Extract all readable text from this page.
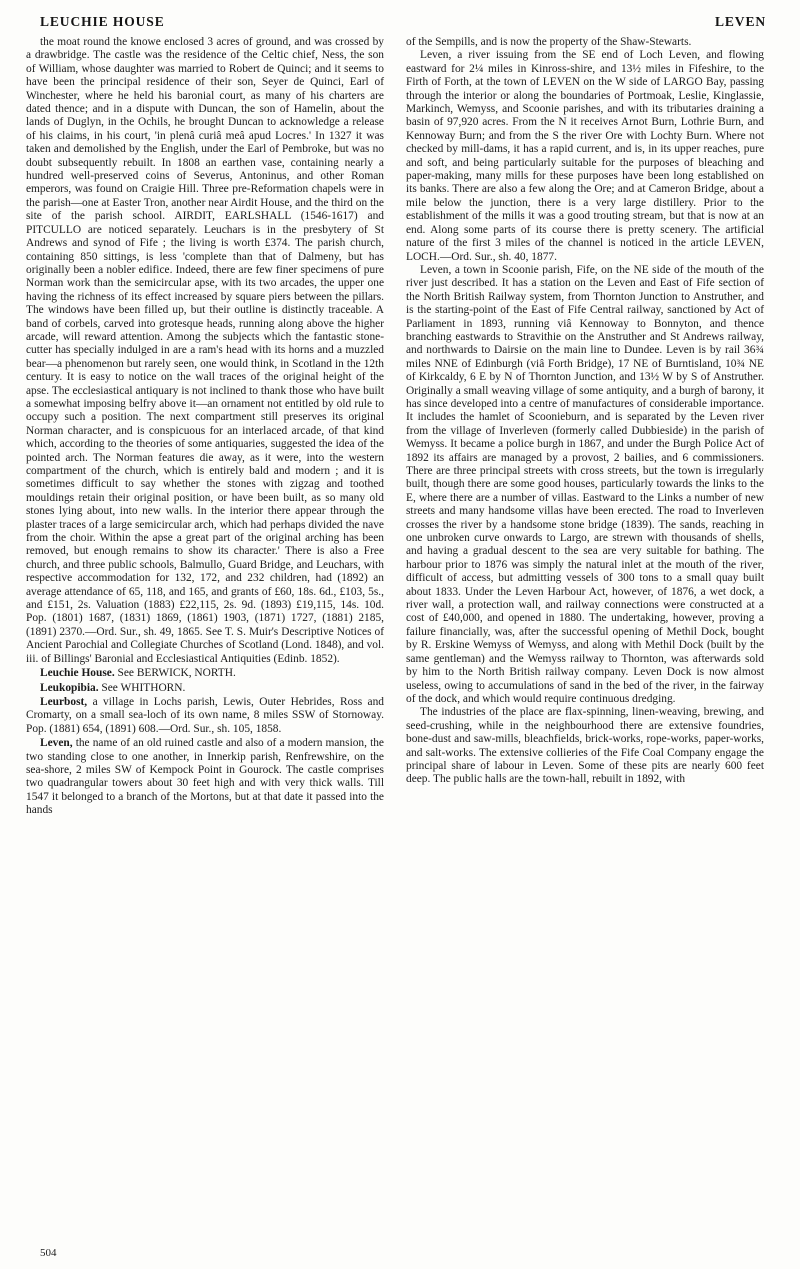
LEUCHIE HOUSE	LEVEN

the moat round the knowe enclosed 3 acres of ground, and was crossed by a drawbridge. The castle was the residence of the Celtic chief, Ness, the son of William, whose daughter was married to Robert de Quinci; and it seems to have been the principal residence of their son, Seyer de Quinci, Earl of Winchester, where he held his baronial court, as many of his charters are dated thence; and in a dispute with Duncan, the son of Hamelin, about the lands of Duglyn, in the Ochils, he brought Duncan to acknowledge a release of his claims, in his court, 'in plenâ curiâ meâ apud Locres.' In 1327 it was taken and demolished by the English, under the Earl of Pembroke, but was no doubt subsequently rebuilt. In 1808 an earthen vase, containing nearly a hundred well-preserved coins of Severus, Antoninus, and other Roman emperors, was found on Craigie Hill. Three pre-Reformation chapels were in the parish—one at Easter Tron, another near Airdit House, and the third on the site of the parish school. AIRDIT, EARLSHALL (1546-1617) and PITCULLO are noticed separately. Leuchars is in the presbytery of St Andrews and synod of Fife ; the living is worth £374. The parish church, containing 850 sittings, is less 'complete than that of Dalmeny, but has originally been a nobler edifice. Indeed, there are few finer specimens of pure Norman work than the semicircular apse, with its two arcades, the upper one having the richness of its effect increased by square piers between the pillars. The windows have been filled up, but their outline is distinctly traceable. A band of corbels, carved into grotesque heads, running along above the higher arcade, will reward attention. Among the subjects which the fantastic stone-cutter has specially indulged in are a ram's head with its horns and a muzzled bear—a phenomenon but rarely seen, one would think, in Scotland in the 12th century. It is easy to notice on the wall traces of the original height of the apse. The ecclesiastical antiquary is not inclined to thank those who have built a somewhat imposing belfry above it—an ornament not entitled by old rule to occupy such a position. The next compartment still preserves its original Norman character, and is conspicuous for an interlaced arcade, of that kind which, according to the theories of some antiquaries, suggested the idea of the pointed arch. The Norman features die away, as it were, into the western compartment of the church, which is entirely bald and modern ; and it is sometimes difficult to say whether the stones with zigzag and toothed mouldings retain their original position, or have been built, as so many old stones lying about, into new walls. In the interior there appear through the plaster traces of a large semicircular arch, which had perhaps divided the nave from the choir. Within the apse a great part of the original arching has been removed, but enough remains to show its character.' There is also a Free church, and three public schools, Balmullo, Guard Bridge, and Leuchars, with respective accommodation for 132, 172, and 232 children, had (1892) an average attendance of 65, 118, and 165, and grants of £60, 18s. 6d., £103, 5s., and £151, 2s. Valuation (1883) £22,115, 2s. 9d. (1893) £19,115, 14s. 10d. Pop. (1801) 1687, (1831) 1869, (1861) 1903, (1871) 1727, (1881) 2185, (1891) 2370.—Ord. Sur., sh. 49, 1865. See T. S. Muir's Descriptive Notices of Ancient Parochial and Collegiate Churches of Scotland (Lond. 1848), and vol. iii. of Billings' Baronial and Ecclesiastical Antiquities (Edinb. 1852).

Leuchie House. See BERWICK, NORTH.

Leukopibia. See WHITHORN.

Leurbost, a village in Lochs parish, Lewis, Outer Hebrides, Ross and Cromarty, on a small sea-loch of its own name, 8 miles SSW of Stornoway. Pop. (1881) 654, (1891) 608.—Ord. Sur., sh. 105, 1858.

Leven, the name of an old ruined castle and also of a modern mansion, the two standing close to one another, in Innerkip parish, Renfrewshire, on the sea-shore, 2 miles SW of Kempock Point in Gourock. The castle comprises two quadrangular towers about 30 feet high and with very thick walls. Till 1547 it belonged to a branch of the Mortons, but at that date it passed into the hands

of the Sempills, and is now the property of the Shaw-Stewarts.

Leven, a river issuing from the SE end of Loch Leven, and flowing eastward for 2¼ miles in Kinross-shire, and 13½ miles in Fifeshire, to the Firth of Forth, at the town of LEVEN on the W side of LARGO Bay, passing through the interior or along the boundaries of Portmoak, Leslie, Kinglassie, Markinch, Wemyss, and Scoonie parishes, and with its tributaries draining a basin of 97,920 acres. From the N it receives Arnot Burn, Lothrie Burn, and Kennoway Burn; and from the S the river Ore with Lochty Burn. Where not checked by mill-dams, it has a rapid current, and is, in its upper reaches, pure and soft, and being particularly suitable for the purposes of bleaching and paper-making, many mills for these purposes have been long established on its banks. There are also a few along the Ore; and at Cameron Bridge, about a mile below the junction, there is a very large distillery. Prior to the establishment of the mills it was a good trouting stream, but that is now at an end. Along some parts of its course there is pretty scenery. The artificial nature of the first 3 miles of the channel is noticed in the article LEVEN, LOCH.—Ord. Sur., sh. 40, 1877.

Leven, a town in Scoonie parish, Fife, on the NE side of the mouth of the river just described. It has a station on the Leven and East of Fife section of the North British Railway system, from Thornton Junction to Anstruther, and is the starting-point of the East of Fife Central railway, sanctioned by Act of Parliament in 1893, running viâ Kennoway to Bonnyton, and thence branching eastwards to Stravithie on the Anstruther and St Andrews railway, and northwards to Dairsie on the main line to Dundee. Leven is by rail 36¾ miles NNE of Edinburgh (viâ Forth Bridge), 17 NE of Burntisland, 10¾ NE of Kirkcaldy, 6 E by N of Thornton Junction, and 13½ W by S of Anstruther. Originally a small weaving village of some antiquity, and a burgh of barony, it has since developed into a centre of manufactures of considerable importance. It includes the hamlet of Scoonieburn, and is separated by the Leven river from the village of Inverleven (formerly called Dubbieside) in the parish of Wemyss. It became a police burgh in 1867, and under the Burgh Police Act of 1892 its affairs are managed by a provost, 2 bailies, and 6 commissioners. There are three principal streets with cross streets, but the town is irregularly built, though there are some good houses, particularly towards the links to the E, where there are a number of villas. Eastward to the Links a number of new streets and many handsome villas have been erected. The road to Inverleven crosses the river by a handsome stone bridge (1839). The sands, reaching in one unbroken curve onwards to Largo, are strewn with thousands of shells, and having a gradual descent to the sea are very suitable for bathing. The harbour prior to 1876 was simply the natural inlet at the mouth of the river, difficult of access, but admitting vessels of 300 tons to a small quay built about 1833. Under the Leven Harbour Act, however, of 1876, a wet dock, a river wall, a protection wall, and railway connections were constructed at a cost of £40,000, and opened in 1880. The undertaking, however, proving a failure financially, was, after the successful opening of Methil Dock, bought by R. Erskine Wemyss of Wemyss, and along with Methil Dock (built by the same gentleman) and the Wemyss railway to Thornton, was afterwards sold by him to the North British railway company. Leven Dock is now almost useless, owing to accumulations of sand in the bed of the river, in the fairway of the dock, and which would require continuous dredging.

The industries of the place are flax-spinning, linen-weaving, brewing, and seed-crushing, while in the neighbourhood there are extensive foundries, bone-dust and saw-mills, bleachfields, brick-works, rope-works, paper-works, and salt-works. The extensive collieries of the Fife Coal Company engage the principal share of labour in Leven. Some of these pits are nearly 600 feet deep. The public halls are the town-hall, rebuilt in 1892, with

504
